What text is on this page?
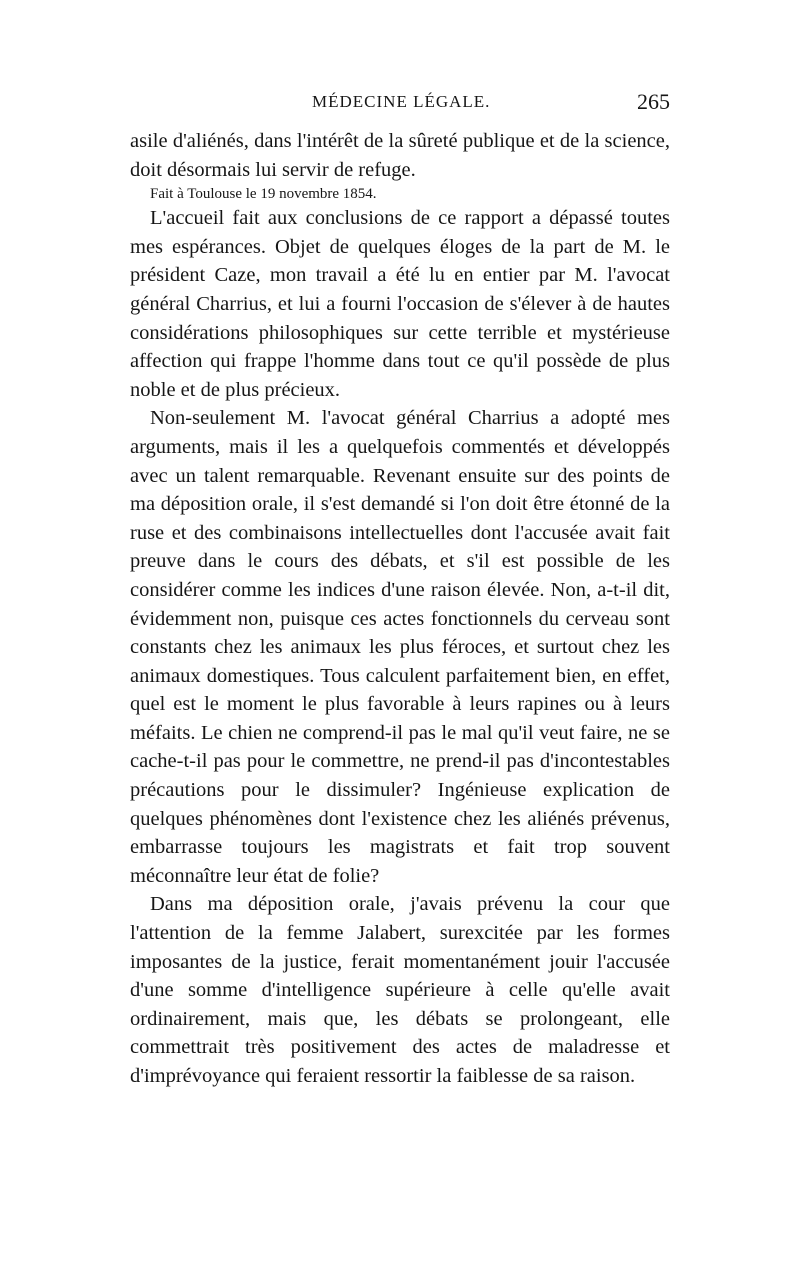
MÉDECINE LÉGALE.	265

asile d'aliénés, dans l'intérêt de la sûreté publique et de la science, doit désormais lui servir de refuge.

Fait à Toulouse le 19 novembre 1854.

L'accueil fait aux conclusions de ce rapport a dépassé toutes mes espérances. Objet de quelques éloges de la part de M. le président Caze, mon travail a été lu en entier par M. l'avocat général Charrius, et lui a fourni l'occasion de s'élever à de hautes considérations philosophiques sur cette terrible et mystérieuse affection qui frappe l'homme dans tout ce qu'il possède de plus noble et de plus précieux.

Non-seulement M. l'avocat général Charrius a adopté mes arguments, mais il les a quelquefois commentés et développés avec un talent remarquable. Revenant ensuite sur des points de ma déposition orale, il s'est demandé si l'on doit être étonné de la ruse et des combinaisons intellectuelles dont l'accusée avait fait preuve dans le cours des débats, et s'il est possible de les considérer comme les indices d'une raison élevée. Non, a-t-il dit, évidemment non, puisque ces actes fonctionnels du cerveau sont constants chez les animaux les plus féroces, et surtout chez les animaux domestiques. Tous calculent parfaitement bien, en effet, quel est le moment le plus favorable à leurs rapines ou à leurs méfaits. Le chien ne comprend-il pas le mal qu'il veut faire, ne se cache-t-il pas pour le commettre, ne prend-il pas d'incontestables précautions pour le dissimuler? Ingénieuse explication de quelques phénomènes dont l'existence chez les aliénés prévenus, embarrasse toujours les magistrats et fait trop souvent méconnaître leur état de folie?

Dans ma déposition orale, j'avais prévenu la cour que l'attention de la femme Jalabert, surexcitée par les formes imposantes de la justice, ferait momentanément jouir l'accusée d'une somme d'intelligence supérieure à celle qu'elle avait ordinairement, mais que, les débats se prolongeant, elle commettrait très positivement des actes de maladresse et d'imprévoyance qui feraient ressortir la faiblesse de sa raison.
